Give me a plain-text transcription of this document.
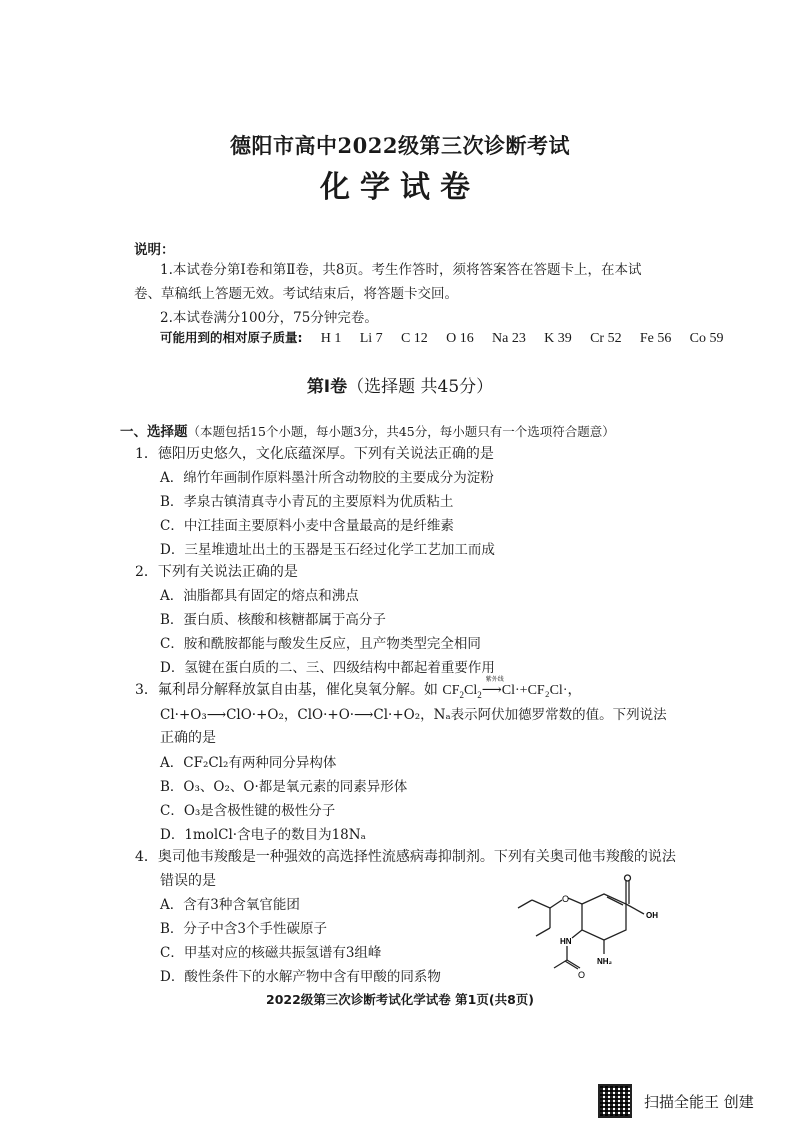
德阳市高中2022级第三次诊断考试
化学试卷
说明：
1.本试卷分第Ⅰ卷和第Ⅱ卷，共8页。考生作答时，须将答案答在答题卡上，在本试
卷、草稿纸上答题无效。考试结束后，将答题卡交回。
2.本试卷满分100分，75分钟完卷。
可能用到的相对原子质量: H 1 Li 7 C 12 O 16 Na 23 K 39 Cr 52 Fe 56 Co 59
第Ⅰ卷（选择题 共45分）
一、选择题（本题包括15个小题，每小题3分，共45分，每小题只有一个选项符合题意）
1．德阳历史悠久，文化底蕴深厚。下列有关说法正确的是
A．绵竹年画制作原料墨汁所含动物胶的主要成分为淀粉
B．孝泉古镇清真寺小青瓦的主要原料为优质粘土
C．中江挂面主要原料小麦中含量最高的是纤维素
D．三星堆遗址出土的玉器是玉石经过化学工艺加工而成
2．下列有关说法正确的是
A．油脂都具有固定的熔点和沸点
B．蛋白质、核酸和核糖都属于高分子
C．胺和酰胺都能与酸发生反应，且产物类型完全相同
D．氢键在蛋白质的二、三、四级结构中都起着重要作用
3．氟利昂分解释放氯自由基，催化臭氧分解。如 $CF_2Cl_2$
紫外线
⟶Cl·+CF₂Cl·，
Cl·+O₃⟶ClO·+O₂，ClO·+O·⟶Cl·+O₂，Nₐ表示阿伏加德罗常数的值。下列说法
正确的是
A．CF₂Cl₂有两种同分异构体
B．O₃、O₂、O·都是氧元素的同素异形体
C．O₃是含极性键的极性分子
D．1molCl·含电子的数目为18Nₐ
4．奥司他韦羧酸是一种强效的高选择性流感病毒抑制剂。下列有关奥司他韦羧酸的说法
错误的是
A．含有3种含氧官能团
B．分子中含3个手性碳原子
C．甲基对应的核磁共振氢谱有3组峰
D．酸性条件下的水解产物中含有甲酸的同系物
O
OH
HN
NH₂
O
2022级第三次诊断考试化学试卷 第1页(共8页)
扫描全能王 创建
